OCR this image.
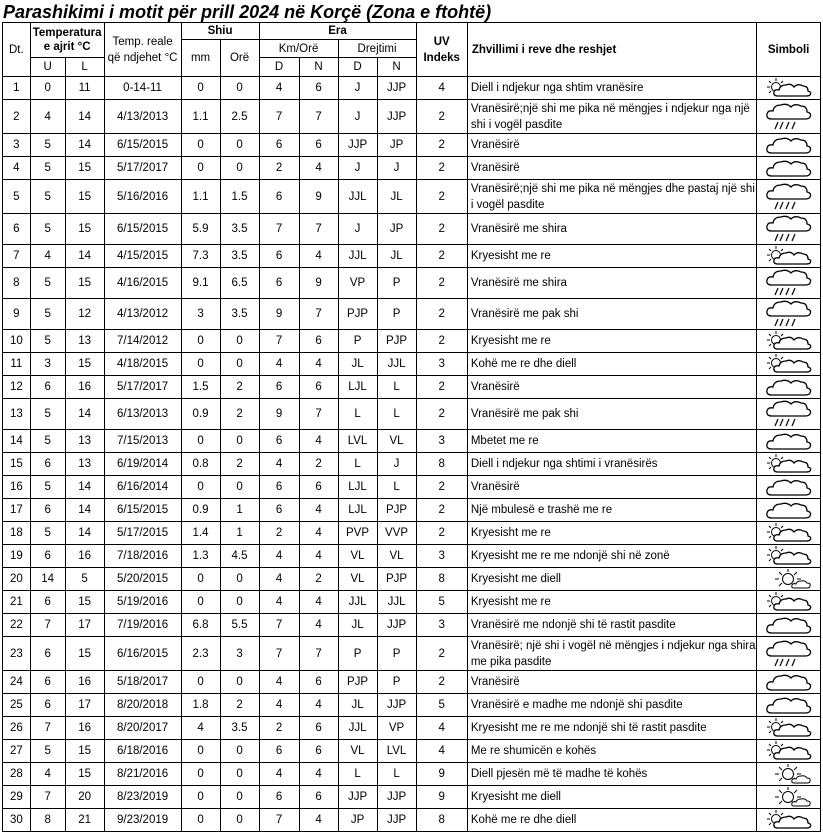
Parashikimi i motit për prill 2024 në Korçë (Zona e ftohtë)
Dt.	Temperatura e ajrit °C		Temp. reale që ndjehet °C	Shiu		Era				UV Indeks	Zhvillimi i reve dhe reshjet	Simboli
				mm	Orë	Km/Orë		Drejtimi				
	U	L				D	N	D	N			
1	0	11	0-14-11	0	0	4	6	J	JJP	4	Diell i ndjekur nga shtim vranësire	

2	4	14	4/13/2013	1.1	2.5	7	7	J	JJP	2	Vranësirë;një shi me pika në mëngjes i ndjekur nga një shi i vogël pasdite	

3	5	14	6/15/2015	0	0	6	6	JJP	JP	2	Vranësirë	

4	5	15	5/17/2017	0	0	2	4	J	J	2	Vranësirë	

5	5	15	5/16/2016	1.1	1.5	6	9	JJL	JL	2	Vranësirë;një shi me pika në mëngjes dhe pastaj një shi i vogël pasdite	

6	5	15	6/15/2015	5.9	3.5	7	7	J	JP	2	Vranësirë me shira	

7	4	14	4/15/2015	7.3	3.5	6	4	JJL	JL	2	Kryesisht me re	

8	5	15	4/16/2015	9.1	6.5	6	9	VP	P	2	Vranësirë me shira	

9	5	12	4/13/2012	3	3.5	9	7	PJP	P	2	Vranësirë me pak shi	

10	5	13	7/14/2012	0	0	7	6	P	PJP	2	Kryesisht me re	

11	3	15	4/18/2015	0	0	4	4	JL	JJL	3	Kohë me re dhe diell	

12	6	16	5/17/2017	1.5	2	6	6	LJL	L	2	Vranësirë	

13	5	14	6/13/2013	0.9	2	9	7	L	L	2	Vranësirë me pak shi	

14	5	13	7/15/2013	0	0	6	4	LVL	VL	3	Mbetet me re	

15	6	13	6/19/2014	0.8	2	4	2	L	J	8	Diell i ndjekur nga shtimi i vranësirës	

16	5	14	6/16/2014	0	0	6	6	LJL	L	2	Vranësirë	

17	6	14	6/15/2015	0.9	1	6	4	LJL	PJP	2	Një mbulesë e trashë me re	

18	5	14	5/17/2015	1.4	1	2	4	PVP	VVP	2	Kryesisht me re	

19	6	16	7/18/2016	1.3	4.5	4	4	VL	VL	3	Kryesisht me re me ndonjë shi në zonë	

20	14	5	5/20/2015	0	0	4	2	VL	PJP	8	Kryesisht me diell	

21	6	15	5/19/2016	0	0	4	4	JJL	JJL	5	Kryesisht me re	

22	7	17	7/19/2016	6.8	5.5	7	4	JL	JJP	3	Vranësirë me ndonjë shi të rastit pasdite	

23	6	15	6/16/2015	2.3	3	7	7	P	P	2	Vranësirë; një shi i vogël në mëngjes i ndjekur nga shira me pika pasdite	

24	6	16	5/18/2017	0	0	4	6	PJP	P	2	Vranësirë	

25	6	17	8/20/2018	1.8	2	4	4	JL	JJP	5	Vranësirë e madhe me ndonjë shi pasdite	

26	7	16	8/20/2017	4	3.5	2	6	JJL	VP	4	Kryesisht me re me ndonjë shi të rastit pasdite	

27	5	15	6/18/2016	0	0	6	6	VL	LVL	4	Me re shumicën e kohës	

28	4	15	8/21/2016	0	0	4	4	L	L	9	Diell pjesën më të madhe të kohës	

29	7	20	8/23/2019	0	0	6	6	JJP	JJP	9	Kryesisht me diell	

30	8	21	9/23/2019	0	0	7	4	JP	JJP	8	Kohë me re dhe diell	
